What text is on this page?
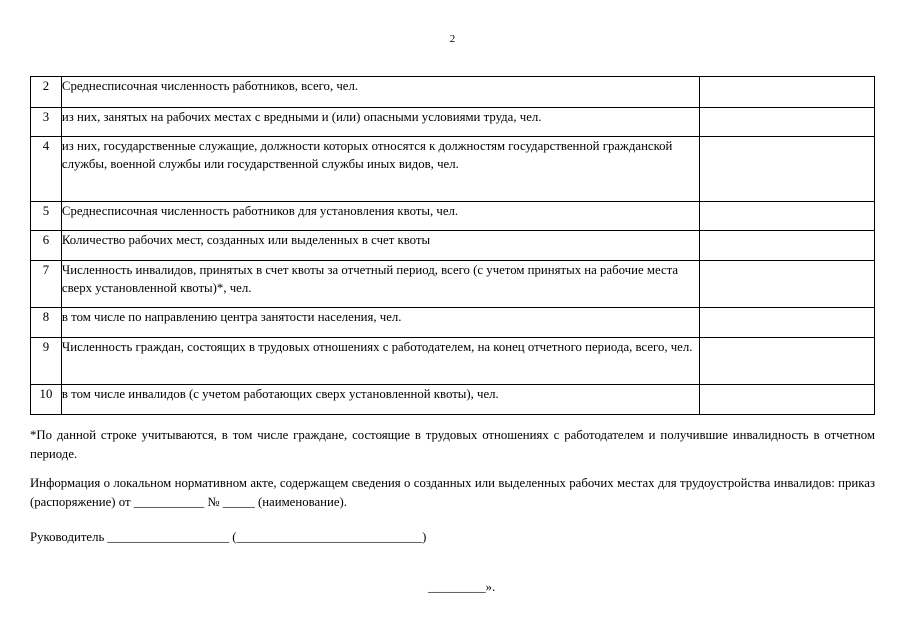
2
2	Среднесписочная численность работников, всего, чел.	
3	из них, занятых на рабочих местах с вредными и (или) опасными условиями труда, чел.	
4	из них, государственные служащие, должности которых относятся к должностям государственной гражданской службы, военной службы или государственной службы иных видов, чел.	
5	Среднесписочная численность работников для установления квоты, чел.	
6	Количество рабочих мест, созданных или выделенных в счет квоты	
7	Численность инвалидов, принятых в счет квоты за отчетный период, всего (с учетом принятых на рабочие места сверх установленной квоты)*, чел.	
8	в том числе по направлению центра занятости населения, чел.	
9	Численность граждан, состоящих в трудовых отношениях с работодателем, на конец отчетного периода, всего, чел.	
10	в том числе инвалидов (с учетом работающих сверх установленной квоты), чел.	
*По данной строке учитываются, в том числе граждане, состоящие в трудовых отношениях с работодателем и получившие инвалидность в отчетном периоде.
Информация о локальном нормативном акте, содержащем сведения о созданных или выделенных рабочих местах для трудоустройства инвалидов: приказ (распоряжение) от ___________ № _____ (наименование).
Руководитель ___________________ (_____________________________)
_________».
